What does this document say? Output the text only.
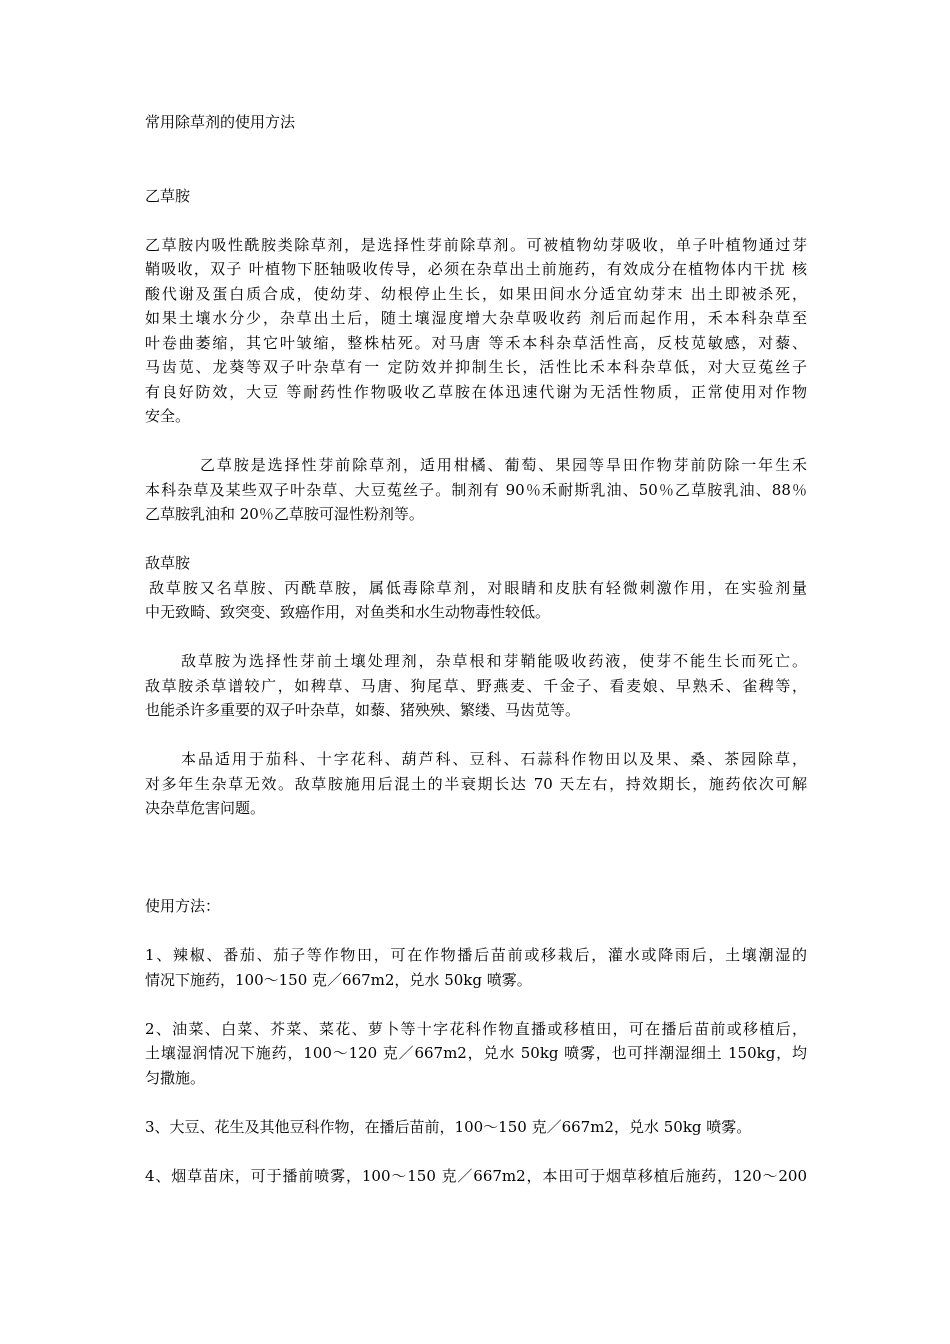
常用除草剂的使用方法
乙草胺
乙草胺内吸性酰胺类除草剂，是选择性芽前除草剂。可被植物幼芽吸收，单子叶植物通过芽
鞘吸收，双子 叶植物下胚轴吸收传导，必须在杂草出土前施药，有效成分在植物体内干扰 核
酸代谢及蛋白质合成，使幼芽、幼根停止生长，如果田间水分适宜幼芽末 出土即被杀死，
如果土壤水分少，杂草出土后，随土壤湿度增大杂草吸收药 剂后而起作用，禾本科杂草至
叶卷曲萎缩，其它叶皱缩，整株枯死。对马唐 等禾本科杂草活性高，反枝苋敏感，对藜、
马齿苋、龙葵等双子叶杂草有一 定防效并抑制生长，活性比禾本科杂草低，对大豆菟丝子
有良好防效，大豆 等耐药性作物吸收乙草胺在体迅速代谢为无活性物质，正常使用对作物
安全。
乙草胺是选择性芽前除草剂，适用柑橘、葡萄、果园等旱田作物芽前防除一年生禾
本科杂草及某些双子叶杂草、大豆菟丝子。制剂有 90％禾耐斯乳油、50％乙草胺乳油、88％
乙草胺乳油和 20％乙草胺可湿性粉剂等。
敌草胺
敌草胺又名草胺、丙酰草胺，属低毒除草剂，对眼睛和皮肤有轻微刺激作用，在实验剂量
中无致畸、致突变、致癌作用，对鱼类和水生动物毒性较低。
敌草胺为选择性芽前土壤处理剂，杂草根和芽鞘能吸收药液，使芽不能生长而死亡。
敌草胺杀草谱较广，如稗草、马唐、狗尾草、野燕麦、千金子、看麦娘、早熟禾、雀稗等，
也能杀许多重要的双子叶杂草，如藜、猪殃殃、繁缕、马齿苋等。
本品适用于茄科、十字花科、葫芦科、豆科、石蒜科作物田以及果、桑、茶园除草，
对多年生杂草无效。敌草胺施用后混土的半衰期长达 70 天左右，持效期长，施药依次可解
决杂草危害问题。
使用方法：
1、辣椒、番茄、茄子等作物田，可在作物播后苗前或移栽后，灌水或降雨后，土壤潮湿的
情况下施药，100～150 克／667m2，兑水 50kg 喷雾。
2、油菜、白菜、芥菜、菜花、萝卜等十字花科作物直播或移植田，可在播后苗前或移植后，
土壤湿润情况下施药，100～120 克／667m2，兑水 50kg 喷雾，也可拌潮湿细土 150kg，均
匀撒施。
3、大豆、花生及其他豆科作物，在播后苗前，100～150 克／667m2，兑水 50kg 喷雾。
4、烟草苗床，可于播前喷雾，100～150 克／667m2，本田可于烟草移植后施药，120～200
